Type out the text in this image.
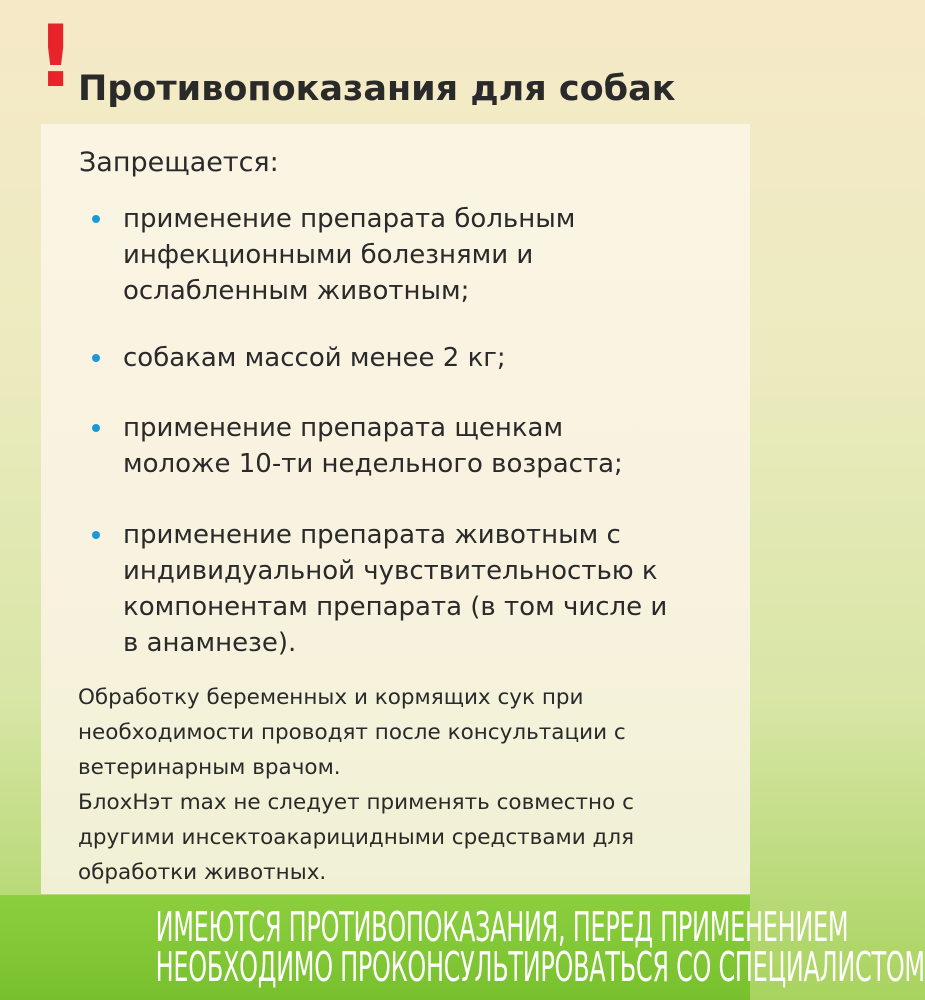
! Противопоказания для собак
Запрещается:
применение препарата больным
инфекционными болезнями и
ослабленным животным;
собакам массой менее 2 кг;
применение препарата щенкам
моложе 10-ти недельного возраста;
применение препарата животным с
индивидуальной чувствительностью к
компонентам препарата (в том числе и
в анамнезе).

Обработку беременных и кормящих сук при

необходимости проводят после консультации с

ветеринарным врачом.

БлохНэт max не следует применять совместно с

другими инсектоакарицидными средствами для

обработки животных.

ИМЕЮТСЯ ПРОТИВОПОКАЗАНИЯ, ПЕРЕД ПРИМЕНЕНИЕМ
НЕОБХОДИМО ПРОКОНСУЛЬТИРОВАТЬСЯ СО СПЕЦИАЛИСТОМ
